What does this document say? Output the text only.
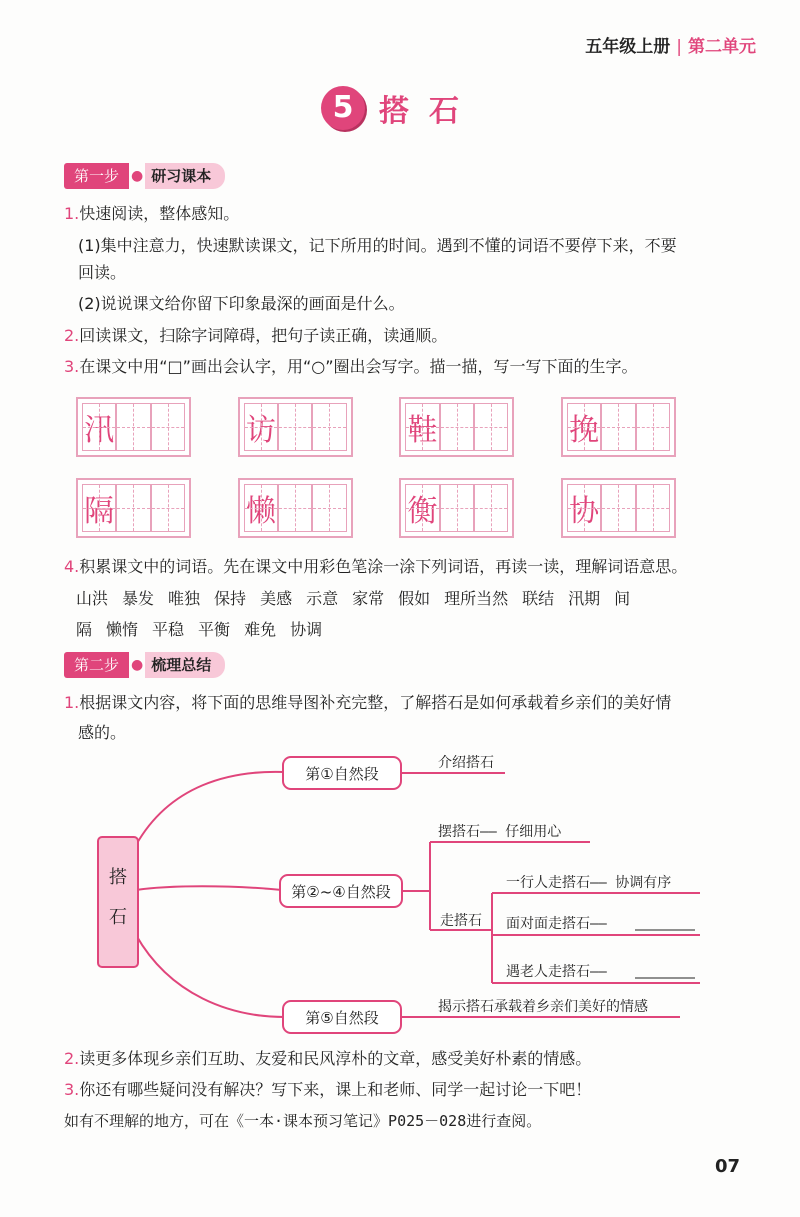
五年级上册 | 第二单元
5 搭石
第一步 ● 研习课本
1.快速阅读，整体感知。
(1)集中注意力，快速默读课文，记下所用的时间。遇到不懂的词语不要停下来，不要
回读。
(2)说说课文给你留下印象最深的画面是什么。
2.回读课文，扫除字词障碍，把句子读正确，读通顺。
3.在课文中用“□”画出会认字，用“○”圈出会写字。描一描，写一写下面的生字。
汛	访	鞋	挽
隔	懒	衡	协
4.积累课文中的词语。先在课文中用彩色笔涂一涂下列词语，再读一读，理解词语意思。
山洪 暴发 唯独 保持 美感 示意 家常 假如 理所当然 联结 汛期 间
隔 懒惰 平稳 平衡 难免 协调
第二步 ● 梳理总结
1.根据课文内容，将下面的思维导图补充完整，了解搭石是如何承载着乡亲们的美好情
感的。
搭
石
第①自然段
介绍搭石
第②~④自然段
摆搭石—— 仔细用心
走搭石
一行人走搭石—— 协调有序
面对面走搭石——
遇老人走搭石——
第⑤自然段
揭示搭石承载着乡亲们美好的情感
2.读更多体现乡亲们互助、友爱和民风淳朴的文章，感受美好朴素的情感。
3.你还有哪些疑问没有解决？写下来，课上和老师、同学一起讨论一下吧！
如有不理解的地方，可在《一本·课本预习笔记》P025－028进行查阅。
07
